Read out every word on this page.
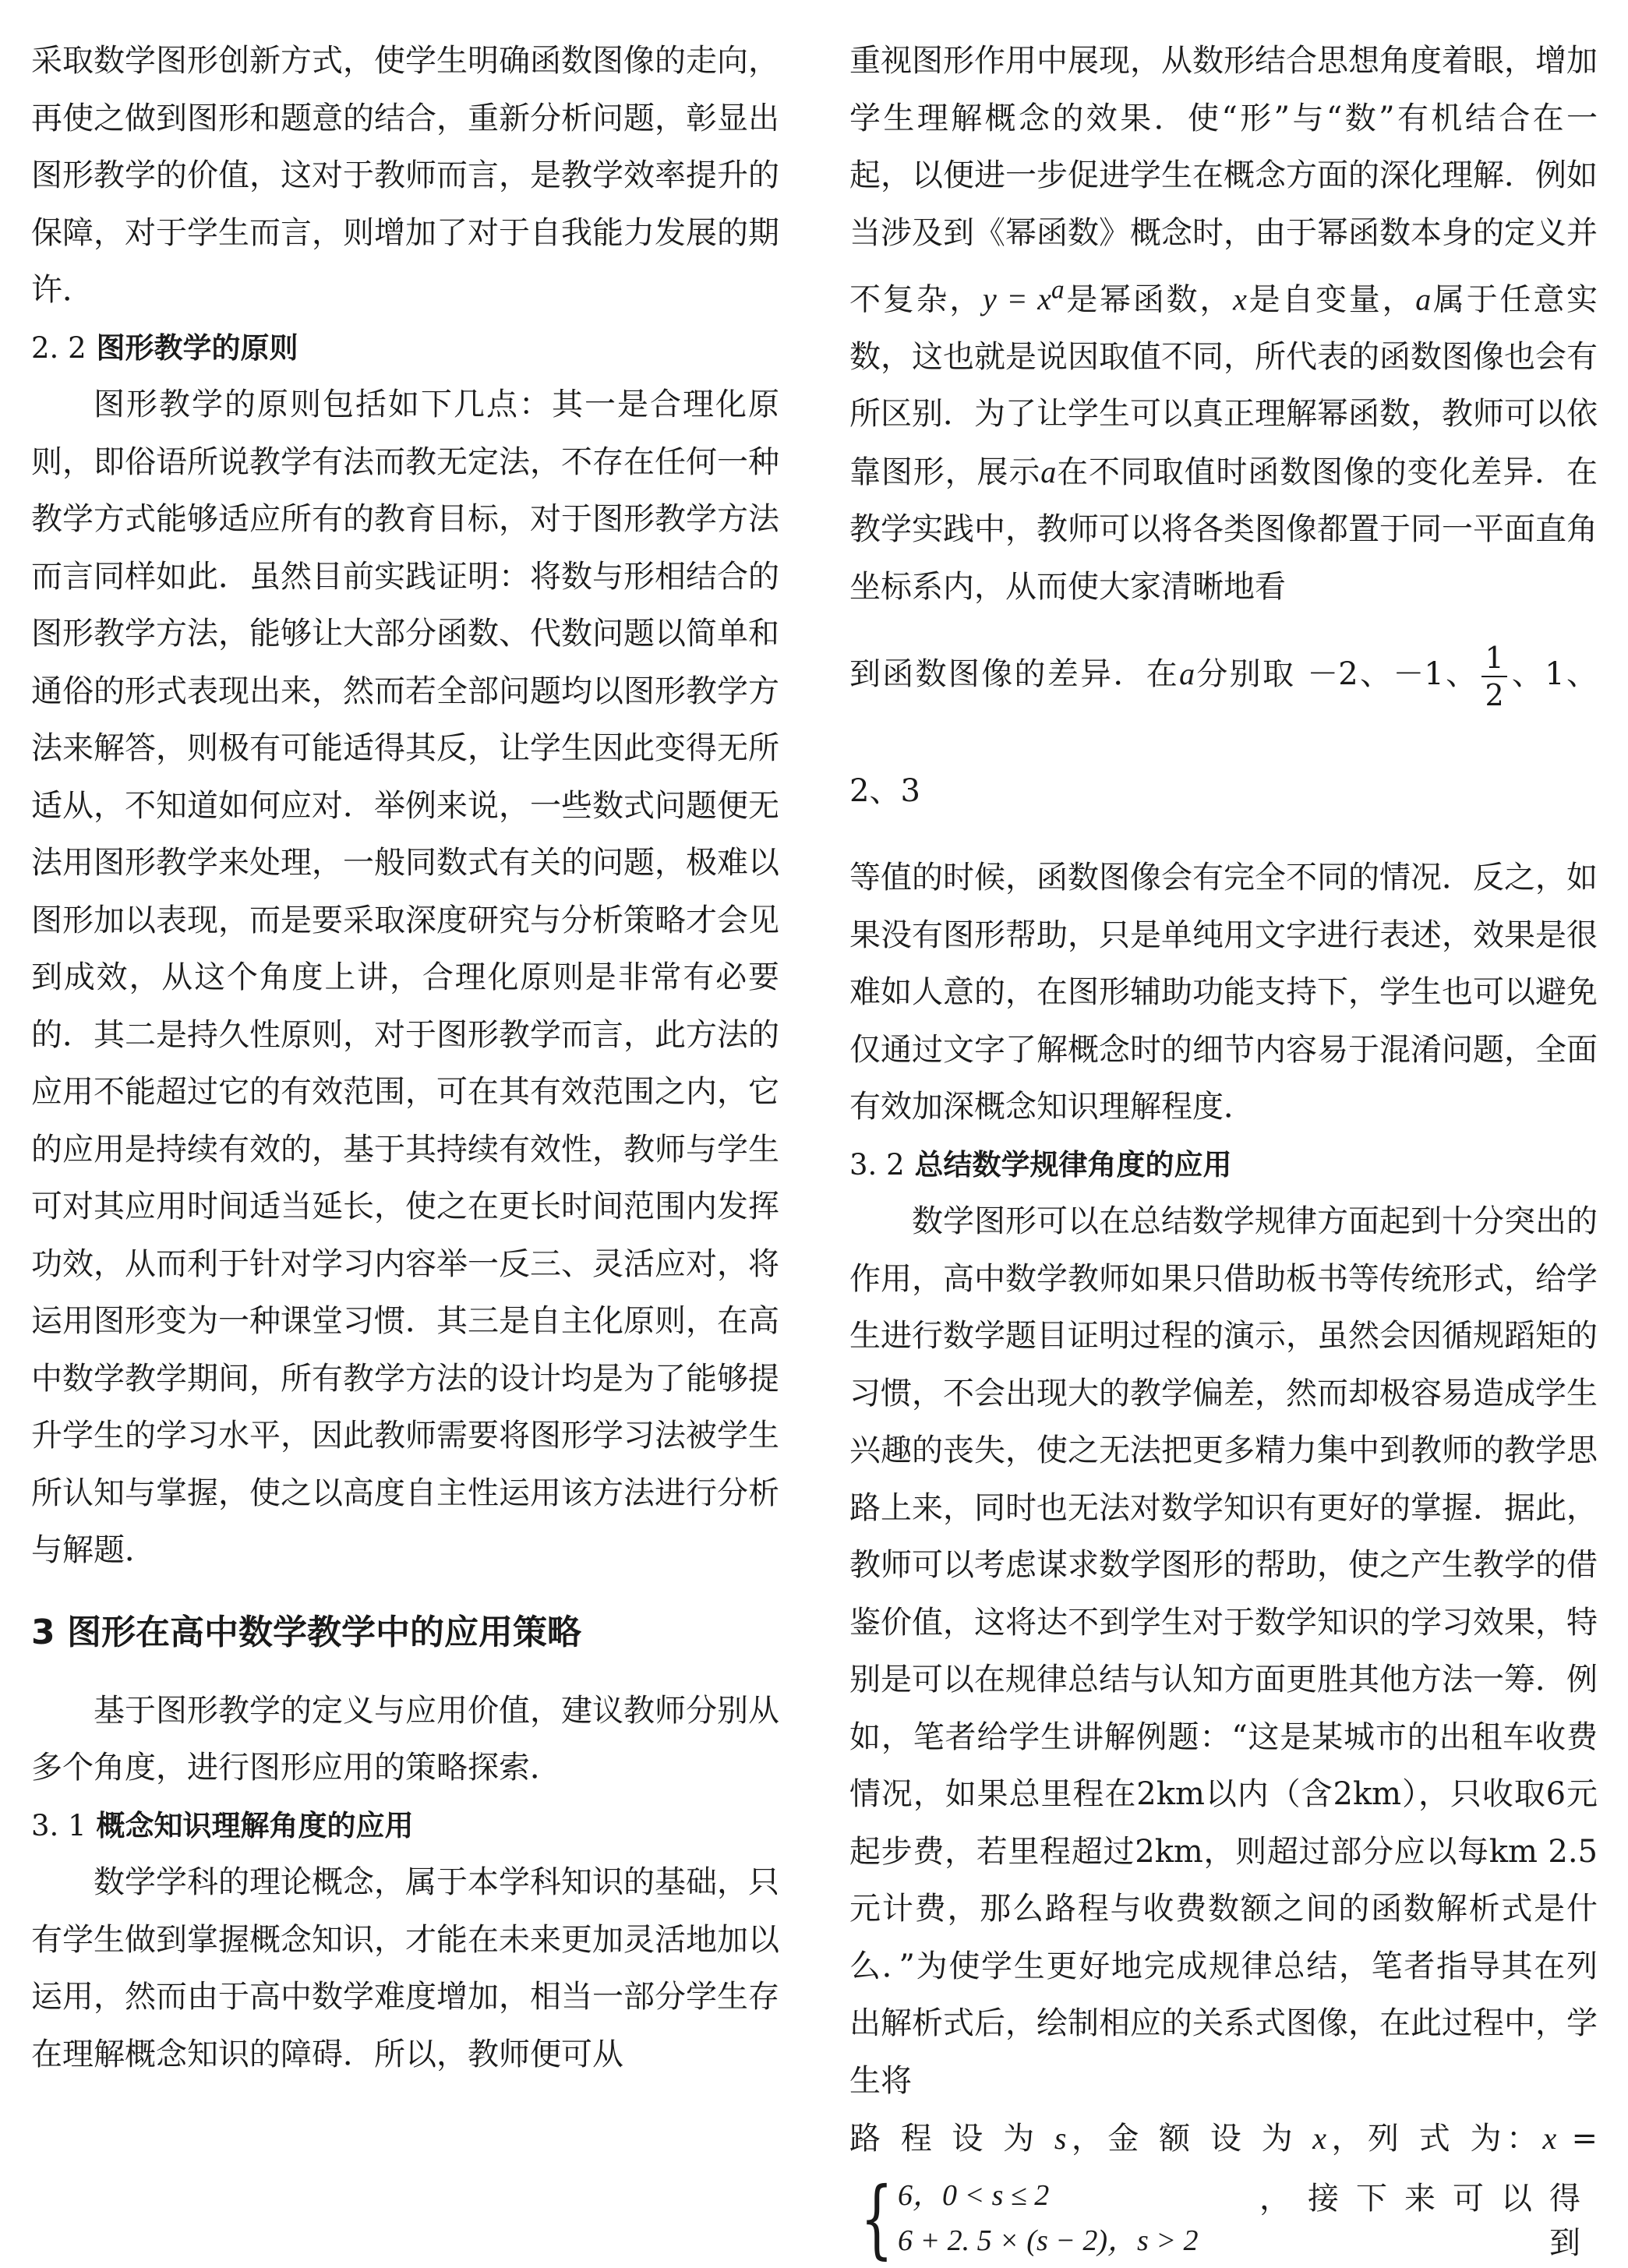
采取数学图形创新方式，使学生明确函数图像的走向，再使之做到图形和题意的结合，重新分析问题，彰显出图形教学的价值，这对于教师而言，是教学效率提升的保障，对于学生而言，则增加了对于自我能力发展的期许．

2. 2 图形教学的原则

图形教学的原则包括如下几点：其一是合理化原则，即俗语所说教学有法而教无定法，不存在任何一种教学方式能够适应所有的教育目标，对于图形教学方法而言同样如此．虽然目前实践证明：将数与形相结合的图形教学方法，能够让大部分函数、代数问题以简单和通俗的形式表现出来，然而若全部问题均以图形教学方法来解答，则极有可能适得其反，让学生因此变得无所适从，不知道如何应对．举例来说，一些数式问题便无法用图形教学来处理，一般同数式有关的问题，极难以图形加以表现，而是要采取深度研究与分析策略才会见到成效，从这个角度上讲，合理化原则是非常有必要的．其二是持久性原则，对于图形教学而言，此方法的应用不能超过它的有效范围，可在其有效范围之内，它的应用是持续有效的，基于其持续有效性，教师与学生可对其应用时间适当延长，使之在更长时间范围内发挥功效，从而利于针对学习内容举一反三、灵活应对，将运用图形变为一种课堂习惯．其三是自主化原则，在高中数学教学期间，所有教学方法的设计均是为了能够提升学生的学习水平，因此教师需要将图形学习法被学生所认知与掌握，使之以高度自主性运用该方法进行分析与解题．

3 图形在高中数学教学中的应用策略

基于图形教学的定义与应用价值，建议教师分别从多个角度，进行图形应用的策略探索．

3. 1 概念知识理解角度的应用

数学学科的理论概念，属于本学科知识的基础，只有学生做到掌握概念知识，才能在未来更加灵活地加以运用，然而由于高中数学难度增加，相当一部分学生存在理解概念知识的障碍．所以，教师便可从

重视图形作用中展现，从数形结合思想角度着眼，增加学生理解概念的效果．使“形”与“数”有机结合在一起，以便进一步促进学生在概念方面的深化理解．例如当涉及到《幂函数》概念时，由于幂函数本身的定义并不复杂，$y = x^a$是幂函数，x是自变量，a属于任意实数，这也就是说因取值不同，所代表的函数图像也会有所区别．为了让学生可以真正理解幂函数，教师可以依靠图形，展示a在不同取值时函数图像的变化差异．在教学实践中，教师可以将各类图像都置于同一平面直角坐标系内，从而使大家清晰地看

到函数图像的差异．在a分别取 －2、－1、 $\frac{1}{2}$ 、1、2、3

等值的时候，函数图像会有完全不同的情况．反之，如果没有图形帮助，只是单纯用文字进行表述，效果是很难如人意的，在图形辅助功能支持下，学生也可以避免仅通过文字了解概念时的细节内容易于混淆问题，全面有效加深概念知识理解程度．

3. 2 总结数学规律角度的应用

数学图形可以在总结数学规律方面起到十分突出的作用，高中数学教师如果只借助板书等传统形式，给学生进行数学题目证明过程的演示，虽然会因循规蹈矩的习惯，不会出现大的教学偏差，然而却极容易造成学生兴趣的丧失，使之无法把更多精力集中到教师的教学思路上来，同时也无法对数学知识有更好的掌握．据此，教师可以考虑谋求数学图形的帮助，使之产生教学的借鉴价值，这将达不到学生对于数学知识的学习效果，特别是可以在规律总结与认知方面更胜其他方法一筹．例如，笔者给学生讲解例题：“这是某城市的出租车收费情况，如果总里程在2km以内（含2km），只收取6元起步费，若里程超过2km，则超过部分应以每km 2.5元计费，那么路程与收费数额之间的函数解析式是什么．”为使学生更好地完成规律总结，笔者指导其在列出解析式后，绘制相应的关系式图像，在此过程中，学生将

路 程 设 为 s，金 额 设 为 x，列 式 为：x =

{ 6，0 < s ≤ 2
6 + 2. 5 × (s − 2)，s > 2
，接下来可以得到
